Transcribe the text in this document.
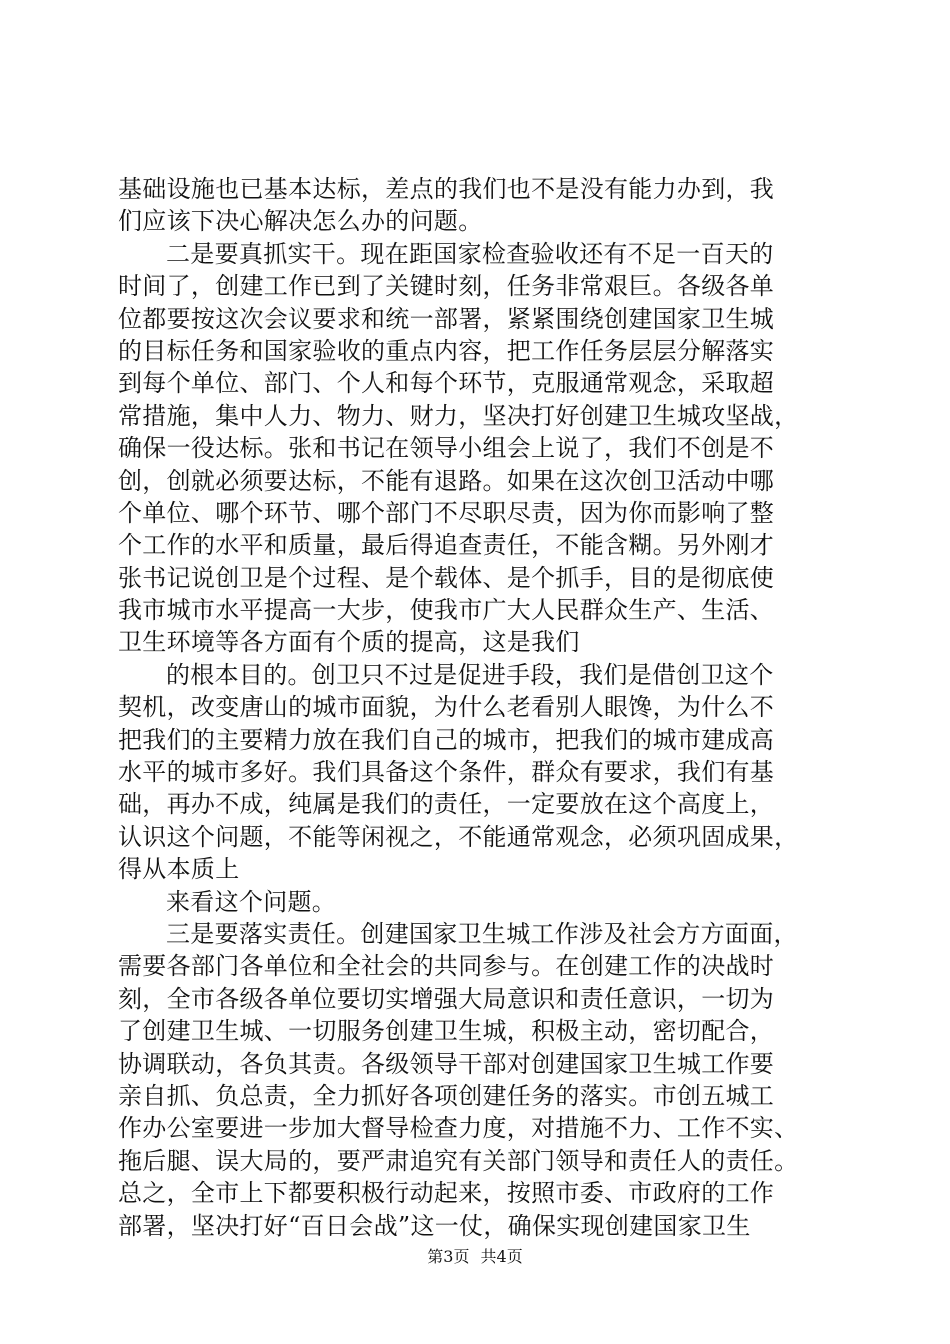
基础设施也已基本达标，差点的我们也不是没有能力办到，我
们应该下决心解决怎么办的问题。
二是要真抓实干。现在距国家检查验收还有不足一百天的
时间了，创建工作已到了关键时刻，任务非常艰巨。各级各单
位都要按这次会议要求和统一部署，紧紧围绕创建国家卫生城
的目标任务和国家验收的重点内容，把工作任务层层分解落实
到每个单位、部门、个人和每个环节，克服通常观念，采取超
常措施，集中人力、物力、财力，坚决打好创建卫生城攻坚战，
确保一役达标。张和书记在领导小组会上说了，我们不创是不
创，创就必须要达标，不能有退路。如果在这次创卫活动中哪
个单位、哪个环节、哪个部门不尽职尽责，因为你而影响了整
个工作的水平和质量，最后得追查责任，不能含糊。另外刚才
张书记说创卫是个过程、是个载体、是个抓手，目的是彻底使
我市城市水平提高一大步，使我市广大人民群众生产、生活、
卫生环境等各方面有个质的提高，这是我们
的根本目的。创卫只不过是促进手段，我们是借创卫这个
契机，改变唐山的城市面貌，为什么老看别人眼馋，为什么不
把我们的主要精力放在我们自己的城市，把我们的城市建成高
水平的城市多好。我们具备这个条件，群众有要求，我们有基
础，再办不成，纯属是我们的责任，一定要放在这个高度上，
认识这个问题，不能等闲视之，不能通常观念，必须巩固成果，
得从本质上
来看这个问题。
三是要落实责任。创建国家卫生城工作涉及社会方方面面，
需要各部门各单位和全社会的共同参与。在创建工作的决战时
刻，全市各级各单位要切实增强大局意识和责任意识，一切为
了创建卫生城、一切服务创建卫生城，积极主动，密切配合，
协调联动，各负其责。各级领导干部对创建国家卫生城工作要
亲自抓、负总责，全力抓好各项创建任务的落实。市创五城工
作办公室要进一步加大督导检查力度，对措施不力、工作不实、
拖后腿、误大局的，要严肃追究有关部门领导和责任人的责任。
总之，全市上下都要积极行动起来，按照市委、市政府的工作
部署，坚决打好“百日会战”这一仗，确保实现创建国家卫生
第3页 共4页
